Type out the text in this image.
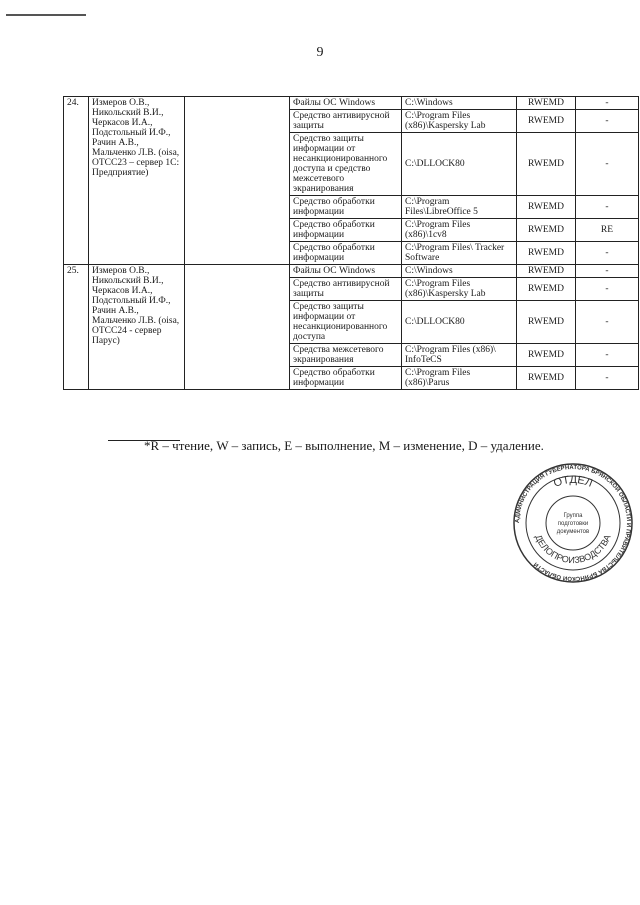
9
24.	Измеров О.В., Никольский В.И., Черкасов И.А., Подстольный И.Ф., Рачин А.В., Мальченко Л.В. (oisa, ОТСС23 – сервер 1С: Предприятие)		Файлы ОС Windows	C:\Windows	RWEMD	-
			Средство антивирусной защиты	C:\Program Files (x86)\Kaspersky Lab	RWEMD	-
			Средство защиты информации от несанкционированного доступа и средство межсетевого экранирования	C:\DLLOCK80	RWEMD	-
			Средство обработки информации	C:\Program Files\LibreOffice 5	RWEMD	-
			Средство обработки информации	C:\Program Files (x86)\1cv8	RWEMD	RE
			Средство обработки информации	C:\Program Files\ Tracker Software	RWEMD	-
25.	Измеров О.В., Никольский В.И., Черкасов И.А., Подстольный И.Ф., Рачин А.В., Мальченко Л.В. (oisa, ОТСС24 - сервер Парус)		Файлы ОС Windows	C:\Windows	RWEMD	-
			Средство антивирусной защиты	C:\Program Files (x86)\Kaspersky Lab	RWEMD	-
			Средство защиты информации от несанкционированного доступа	C:\DLLOCK80	RWEMD	-
			Средства межсетевого экранирования	C:\Program Files (x86)\ InfoTeCS	RWEMD	-
			Средство обработки информации	C:\Program Files (x86)\Parus	RWEMD	-
*R – чтение, W – запись, E – выполнение, M – изменение, D – удаление.
АДМИНИСТРАЦИЯ ГУБЕРНАТОРА БРЯНСКОЙ ОБЛАСТИ И ПРАВИТЕЛЬСТВА БРЯНСКОЙ ОБЛАСТИ
ОТДЕЛ
ДЕЛОПРОИЗВОДСТВА
Группа
подготовки
документов
